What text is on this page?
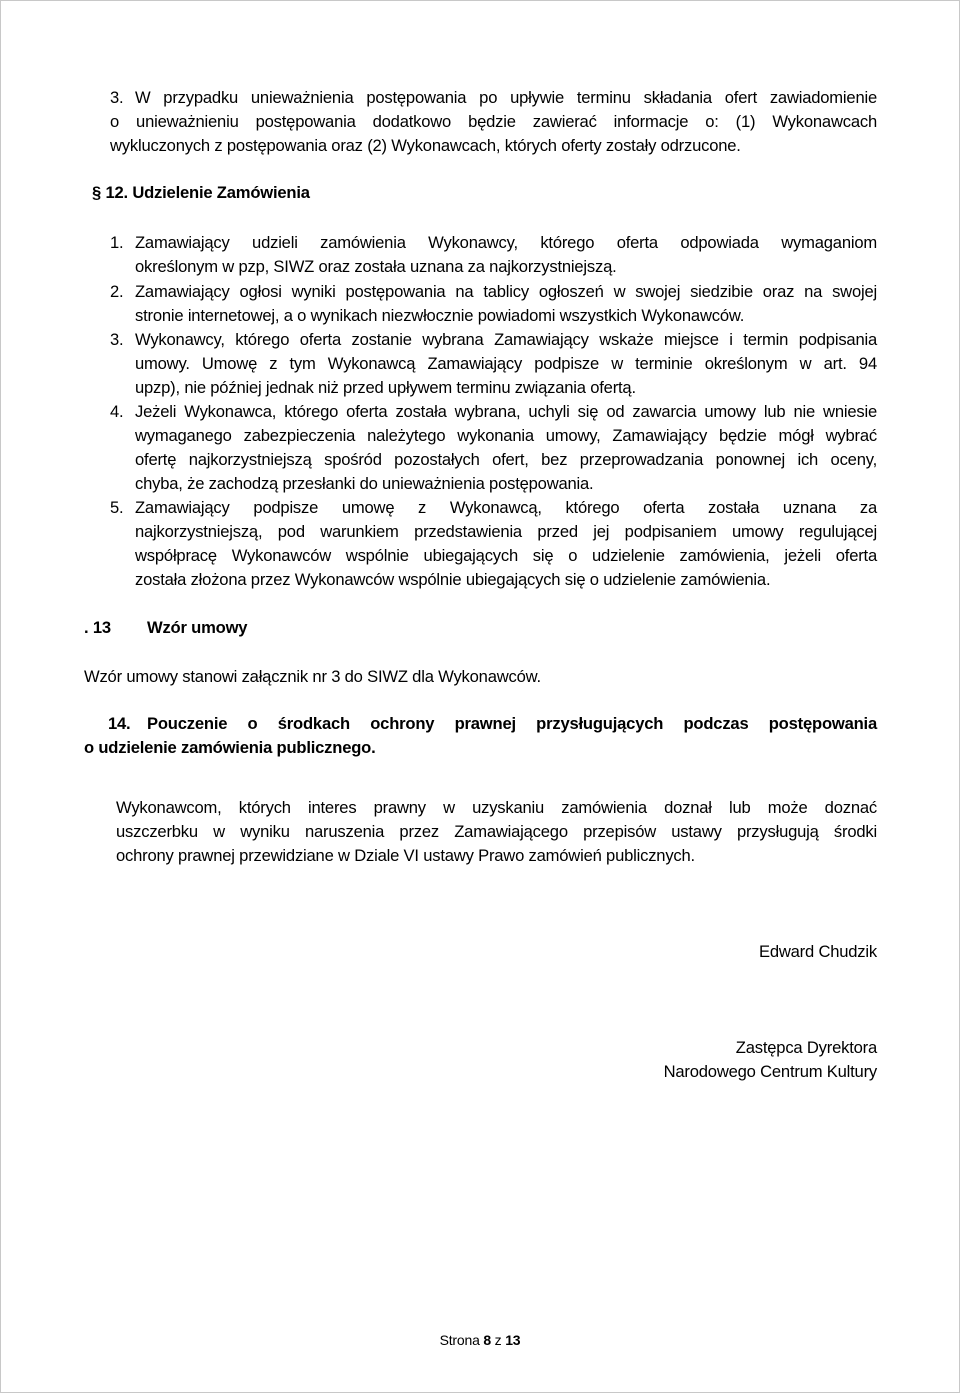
3. W przypadku unieważnienia postępowania po upływie terminu składania ofert zawiadomienie
o unieważnieniu postępowania dodatkowo będzie zawierać informacje o: (1) Wykonawcach
wykluczonych z postępowania oraz (2) Wykonawcach, których oferty zostały odrzucone.
§ 12. Udzielenie Zamówienia
1. Zamawiający udzieli zamówienia Wykonawcy, którego oferta odpowiada wymaganiom
określonym w pzp, SIWZ oraz została uznana za najkorzystniejszą.
2. Zamawiający ogłosi wyniki postępowania na tablicy ogłoszeń w swojej siedzibie oraz na swojej
stronie internetowej, a o wynikach niezwłocznie powiadomi wszystkich Wykonawców.
3. Wykonawcy, którego oferta zostanie wybrana Zamawiający wskaże miejsce i termin podpisania
umowy. Umowę z tym Wykonawcą Zamawiający podpisze w terminie określonym w art. 94
upzp), nie później jednak niż przed upływem terminu związania ofertą.
4. Jeżeli Wykonawca, którego oferta została wybrana, uchyli się od zawarcia umowy lub nie wniesie
wymaganego zabezpieczenia należytego wykonania umowy, Zamawiający będzie mógł wybrać
ofertę najkorzystniejszą spośród pozostałych ofert, bez przeprowadzania ponownej ich oceny,
chyba, że zachodzą przesłanki do unieważnienia postępowania.
5. Zamawiający podpisze umowę z Wykonawcą, którego oferta została uznana za
najkorzystniejszą, pod warunkiem przedstawienia przed jej podpisaniem umowy regulującej
współpracę Wykonawców wspólnie ubiegających się o udzielenie zamówienia, jeżeli oferta
została złożona przez Wykonawców wspólnie ubiegających się o udzielenie zamówienia.
. 13 Wzór umowy
Wzór umowy stanowi załącznik nr 3 do SIWZ dla Wykonawców.
14. Pouczenie o środkach ochrony prawnej przysługujących podczas postępowania
o udzielenie zamówienia publicznego.
Wykonawcom, których interes prawny w uzyskaniu zamówienia doznał lub może doznać
uszczerbku w wyniku naruszenia przez Zamawiającego przepisów ustawy przysługują środki
ochrony prawnej przewidziane w Dziale VI ustawy Prawo zamówień publicznych.
Edward Chudzik
Zastępca Dyrektora
Narodowego Centrum Kultury
Strona 8 z 13
